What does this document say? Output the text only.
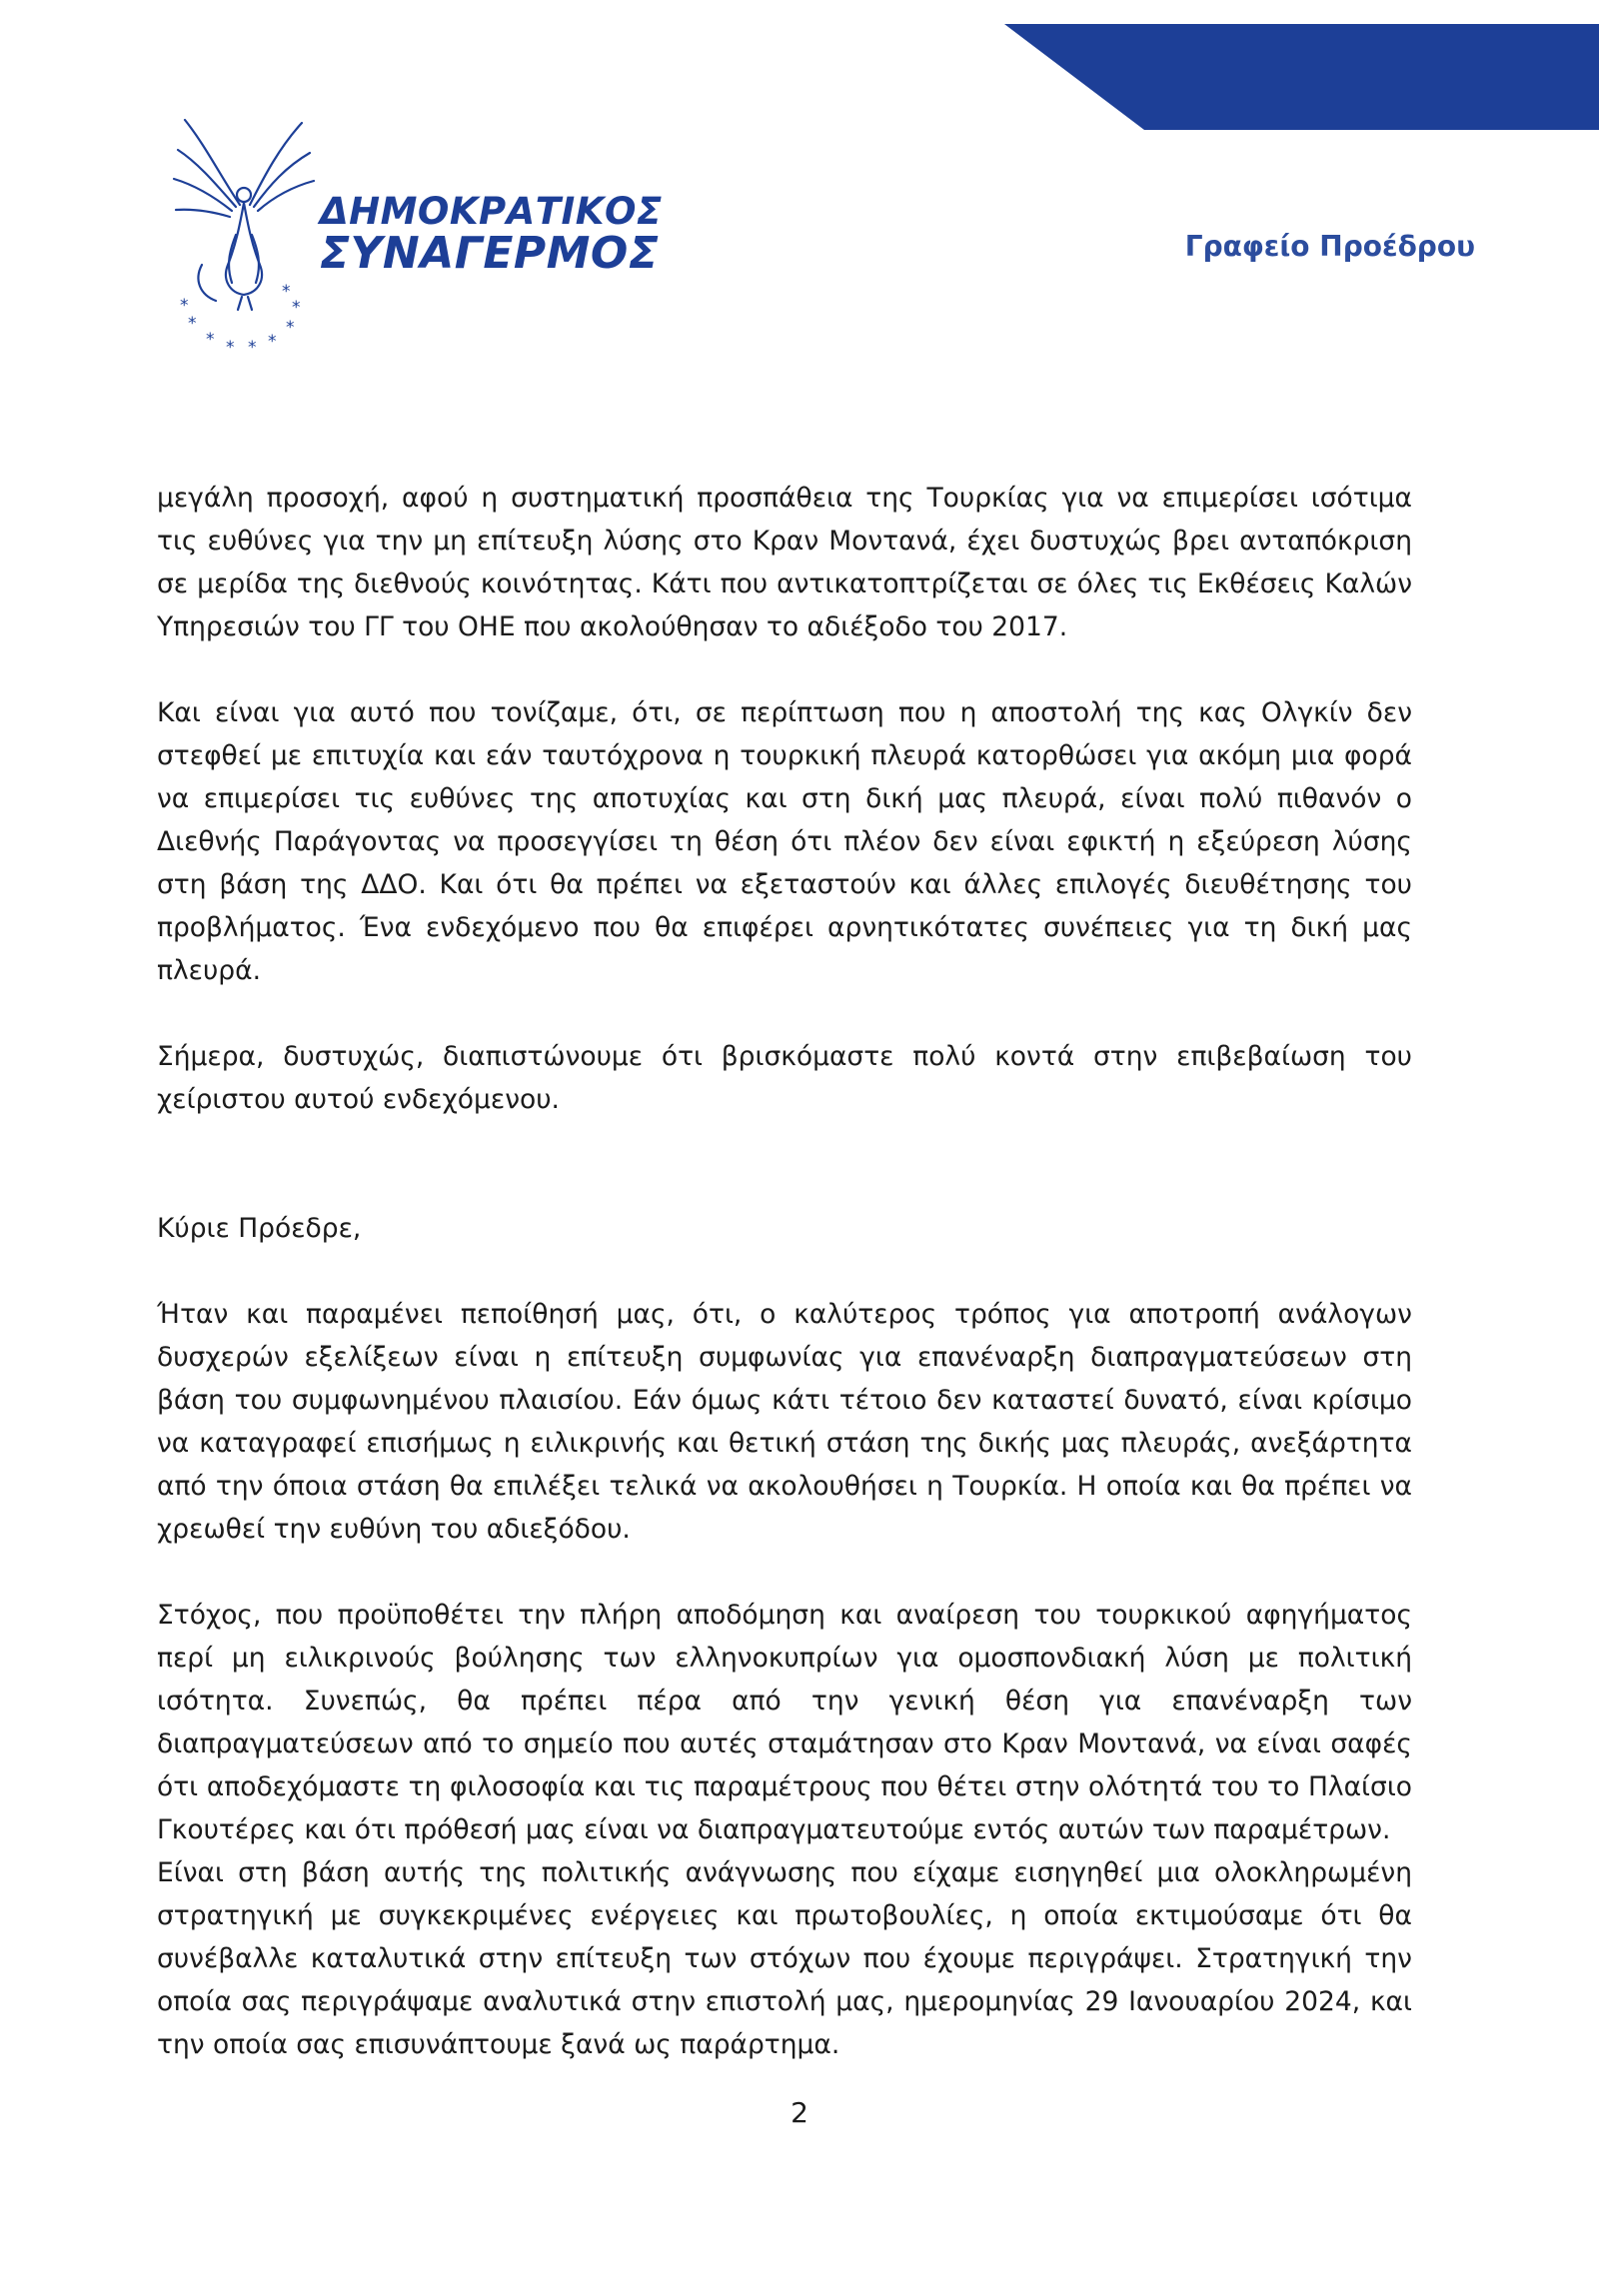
*
* * * *
*
*	*
*
ΔΗΜΟΚΡΑΤΙΚΟΣ
ΣΥΝΑΓΕΡΜΟΣ	Γραφείο Προέδρου

μεγάλη προσοχή, αφού η συστηματική προσπάθεια της Τουρκίας για να επιμερίσει ισότιμα τις ευθύνες για την μη επίτευξη λύσης στο Κραν Μοντανά, έχει δυστυχώς βρει ανταπόκριση σε μερίδα της διεθνούς κοινότητας. Κάτι που αντικατοπτρίζεται σε όλες τις Εκθέσεις Καλών Υπηρεσιών του ΓΓ του ΟΗΕ που ακολούθησαν το αδιέξοδο του 2017.

Και είναι για αυτό που τονίζαμε, ότι, σε περίπτωση που η αποστολή της κας Ολγκίν δεν στεφθεί με επιτυχία και εάν ταυτόχρονα η τουρκική πλευρά κατορθώσει για ακόμη μια φορά να επιμερίσει τις ευθύνες της αποτυχίας και στη δική μας πλευρά, είναι πολύ πιθανόν ο Διεθνής Παράγοντας να προσεγγίσει τη θέση ότι πλέον δεν είναι εφικτή η εξεύρεση λύσης στη βάση της ΔΔΟ. Και ότι θα πρέπει να εξεταστούν και άλλες επιλογές διευθέτησης του προβλήματος. Ένα ενδεχόμενο που θα επιφέρει αρνητικότατες συνέπειες για τη δική μας πλευρά.

Σήμερα, δυστυχώς, διαπιστώνουμε ότι βρισκόμαστε πολύ κοντά στην επιβεβαίωση του χείριστου αυτού ενδεχόμενου.

Κύριε Πρόεδρε,

Ήταν και παραμένει πεποίθησή μας, ότι, ο καλύτερος τρόπος για αποτροπή ανάλογων δυσχερών εξελίξεων είναι η επίτευξη συμφωνίας για επανέναρξη διαπραγματεύσεων στη βάση του συμφωνημένου πλαισίου. Εάν όμως κάτι τέτοιο δεν καταστεί δυνατό, είναι κρίσιμο να καταγραφεί επισήμως η ειλικρινής και θετική στάση της δικής μας πλευράς, ανεξάρτητα από την όποια στάση θα επιλέξει τελικά να ακολουθήσει η Τουρκία. Η οποία και θα πρέπει να χρεωθεί την ευθύνη του αδιεξόδου.

Στόχος, που προϋποθέτει την πλήρη αποδόμηση και αναίρεση του τουρκικού αφηγήματος περί μη ειλικρινούς βούλησης των ελληνοκυπρίων για ομοσπονδιακή λύση με πολιτική ισότητα. Συνεπώς, θα πρέπει πέρα από την γενική θέση για επανέναρξη των διαπραγματεύσεων από το σημείο που αυτές σταμάτησαν στο Κραν Μοντανά, να είναι σαφές ότι αποδεχόμαστε τη φιλοσοφία και τις παραμέτρους που θέτει στην ολότητά του το Πλαίσιο Γκουτέρες και ότι πρόθεσή μας είναι να διαπραγματευτούμε εντός αυτών των παραμέτρων.

Είναι στη βάση αυτής της πολιτικής ανάγνωσης που είχαμε εισηγηθεί μια ολοκληρωμένη στρατηγική με συγκεκριμένες ενέργειες και πρωτοβουλίες, η οποία εκτιμούσαμε ότι θα συνέβαλλε καταλυτικά στην επίτευξη των στόχων που έχουμε περιγράψει. Στρατηγική την οποία σας περιγράψαμε αναλυτικά στην επιστολή μας, ημερομηνίας 29 Ιανουαρίου 2024, και την οποία σας επισυνάπτουμε ξανά ως παράρτημα.

2
